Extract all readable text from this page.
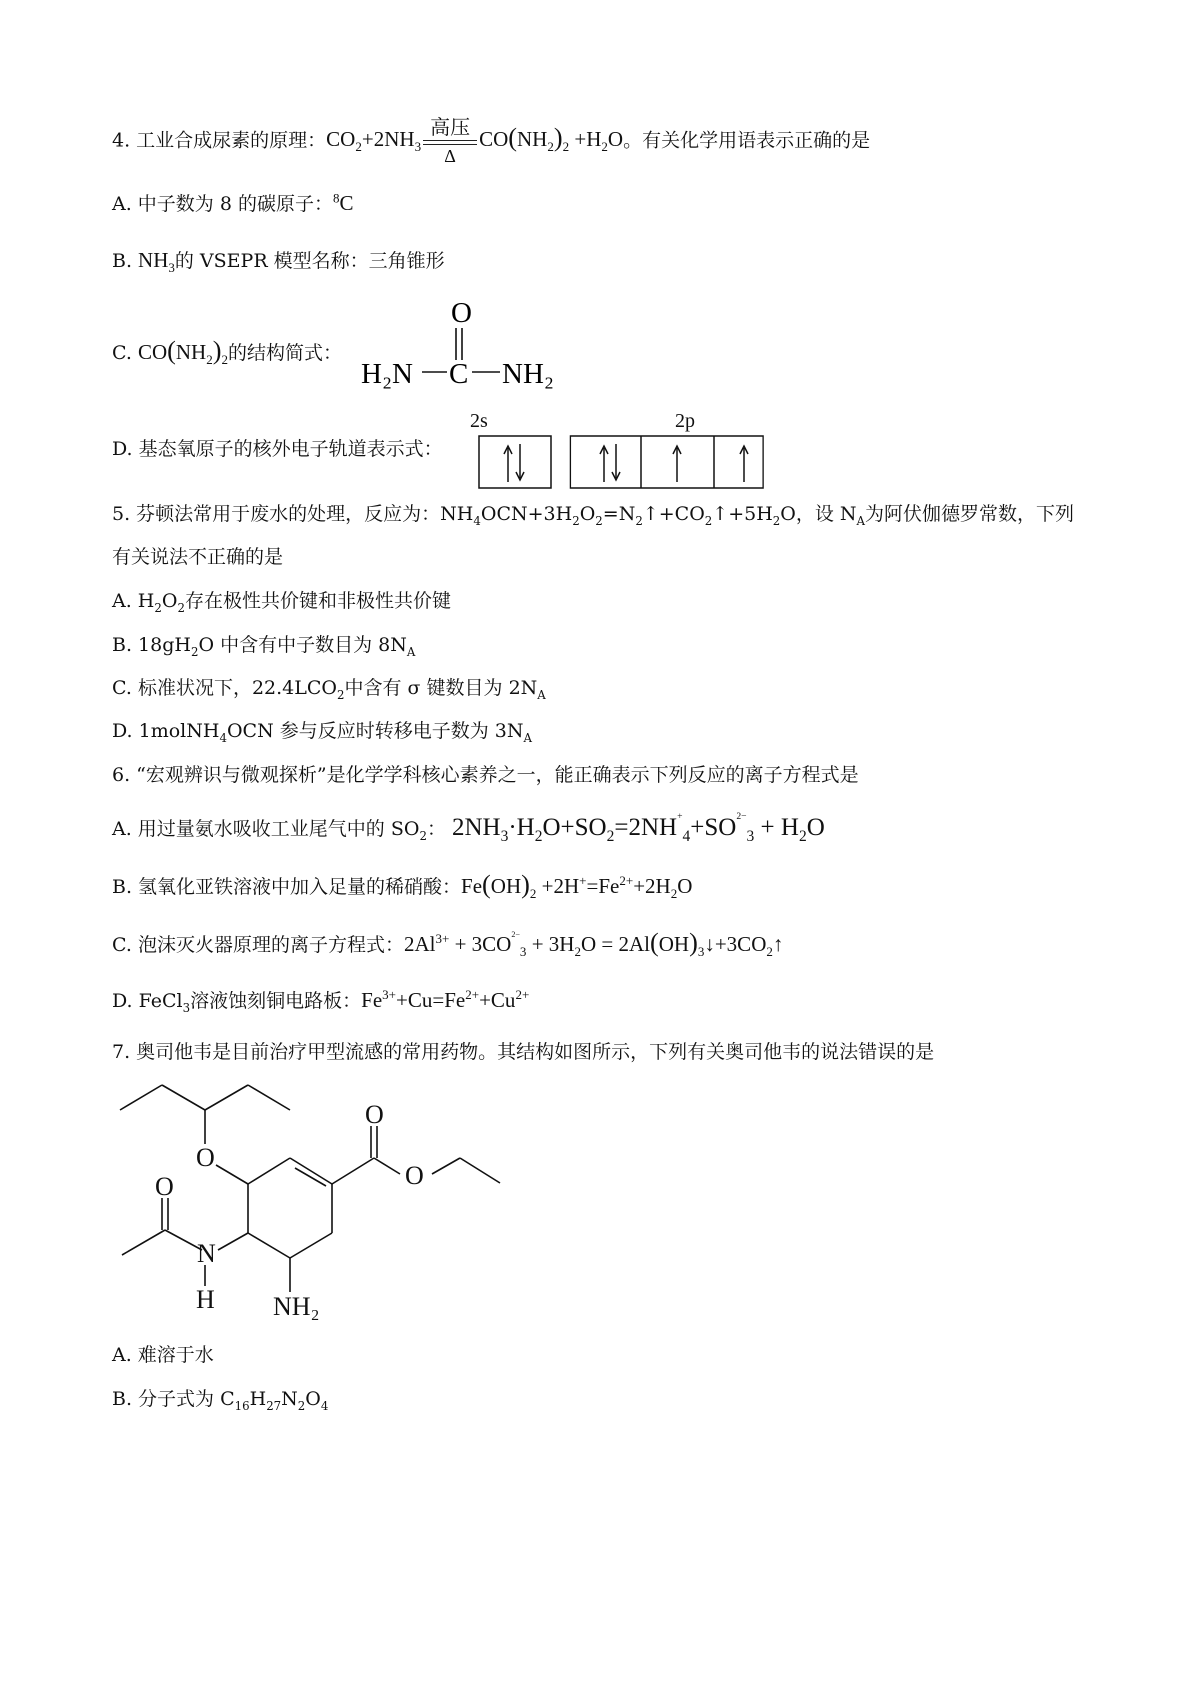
4. 工业合成尿素的原理：$CO_2+2NH_3$
高压
Δ
$CO(NH_2)_2 +H_2O$。有关化学用语表示正确的是
A. 中子数为 8 的碳原子：$^8$C
B. $NH_3$的 VSEPR 模型名称：三角锥形
C. $CO(NH_2)_2$的结构简式：
O
C
H₂N	NH₂
D. 基态氧原子的核外电子轨道表示式：
2s	2p
5. 芬顿法常用于废水的处理，反应为：$NH_4OCN+3H_2O_2=N_2↑+CO_2↑+5H_2O$，设 $N_A$为阿伏伽德罗常数，下列
有关说法不正确的是
A. $H_2O_2$存在极性共价键和非极性共价键
B. $18gH_2O$ 中含有中子数目为 $8N_A$
C. 标准状况下，$22.4LCO_2$中含有 σ 键数目为 $2N_A$
D. 1molNH$_4$OCN 参与反应时转移电子数为 $3N_A$
6. “宏观辨识与微观探析”是化学学科核心素养之一，能正确表示下列反应的离子方程式是
A. 用过量氨水吸收工业尾气中的 $SO_2$： $2NH_3\cdot H_2O+SO_2=2NH_{^+4}+SO_{^{2-}3} + H_2O$
B. 氢氧化亚铁溶液中加入足量的稀硝酸：$Fe(OH)_2 +2H^+=Fe^{2+}+2H_2O$
C. 泡沫灭火器原理的离子方程式：$2Al^{3+} + 3CO_{^{2-}3} + 3H_2O$ = $2Al(OH)_3↓+3CO_2↑$
D. FeCl$_3$溶液蚀刻铜电路板：$Fe^{3+}+Cu=Fe^{2+}+Cu^{2+}$
7. 奥司他韦是目前治疗甲型流感的常用药物。其结构如图所示，下列有关奥司他韦的说法错误的是
O
O
O
O
N
H NH₂
A. 难溶于水
B. 分子式为 $C_{16}H_{27}N_2O_4$
